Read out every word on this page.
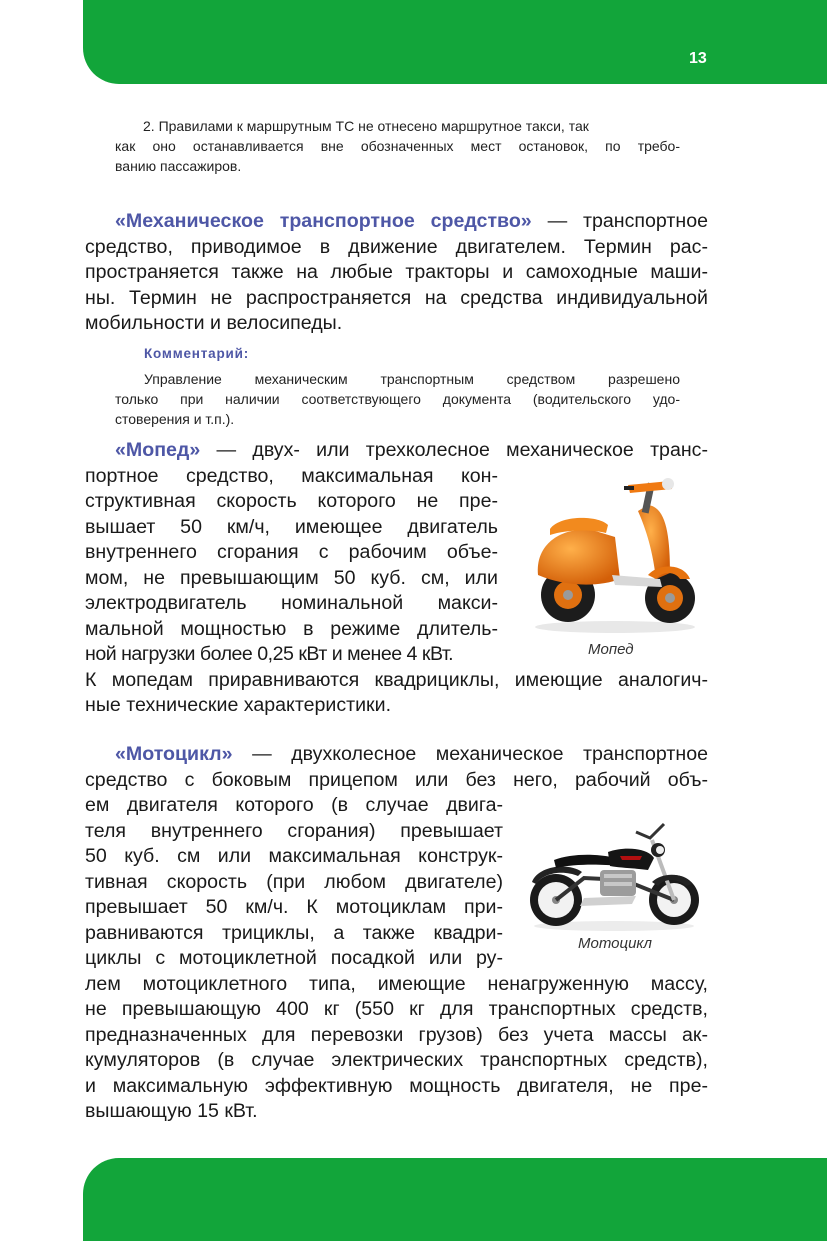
13
2. Правилами к маршрутным ТС не отнесено маршрутное такси, так
как оно останавливается вне обозначенных мест остановок, по требо-
ванию пассажиров.
«Механическое транспортное средство» — транспортное
средство, приводимое в движение двигателем. Термин рас-
пространяется также на любые тракторы и самоходные маши-
ны. Термин не распространяется на средства индивидуальной
мобильности и велосипеды.
Комментарий:
Управление механическим транспортным средством разрешено
только при наличии соответствующего документа (водительского удо-
стоверения и т.п.).
«Мопед» — двух- или трехколесное механическое транс-
портное средство, максимальная кон-
структивная скорость которого не пре-
вышает 50 км/ч, имеющее двигатель
внутреннего сгорания с рабочим объе-
мом, не превышающим 50 куб. см, или
электродвигатель номинальной макси-
мальной мощностью в режиме длитель-
ной нагрузки более 0,25 кВт и менее 4 кВт.
К мопедам приравниваются квадрициклы, имеющие аналогич-
ные технические характеристики.
Мопед
«Мотоцикл» — двухколесное механическое транспортное
средство с боковым прицепом или без него, рабочий объ-
ем двигателя которого (в случае двига-
теля внутреннего сгорания) превышает
50 куб. см или максимальная конструк-
тивная скорость (при любом двигателе)
превышает 50 км/ч. К мотоциклам при-
равниваются трициклы, а также квадри-
циклы с мотоциклетной посадкой или ру-
лем мотоциклетного типа, имеющие ненагруженную массу,
не превышающую 400 кг (550 кг для транспортных средств,
предназначенных для перевозки грузов) без учета массы ак-
кумуляторов (в случае электрических транспортных средств),
и максимальную эффективную мощность двигателя, не пре-
вышающую 15 кВт.
Мотоцикл
